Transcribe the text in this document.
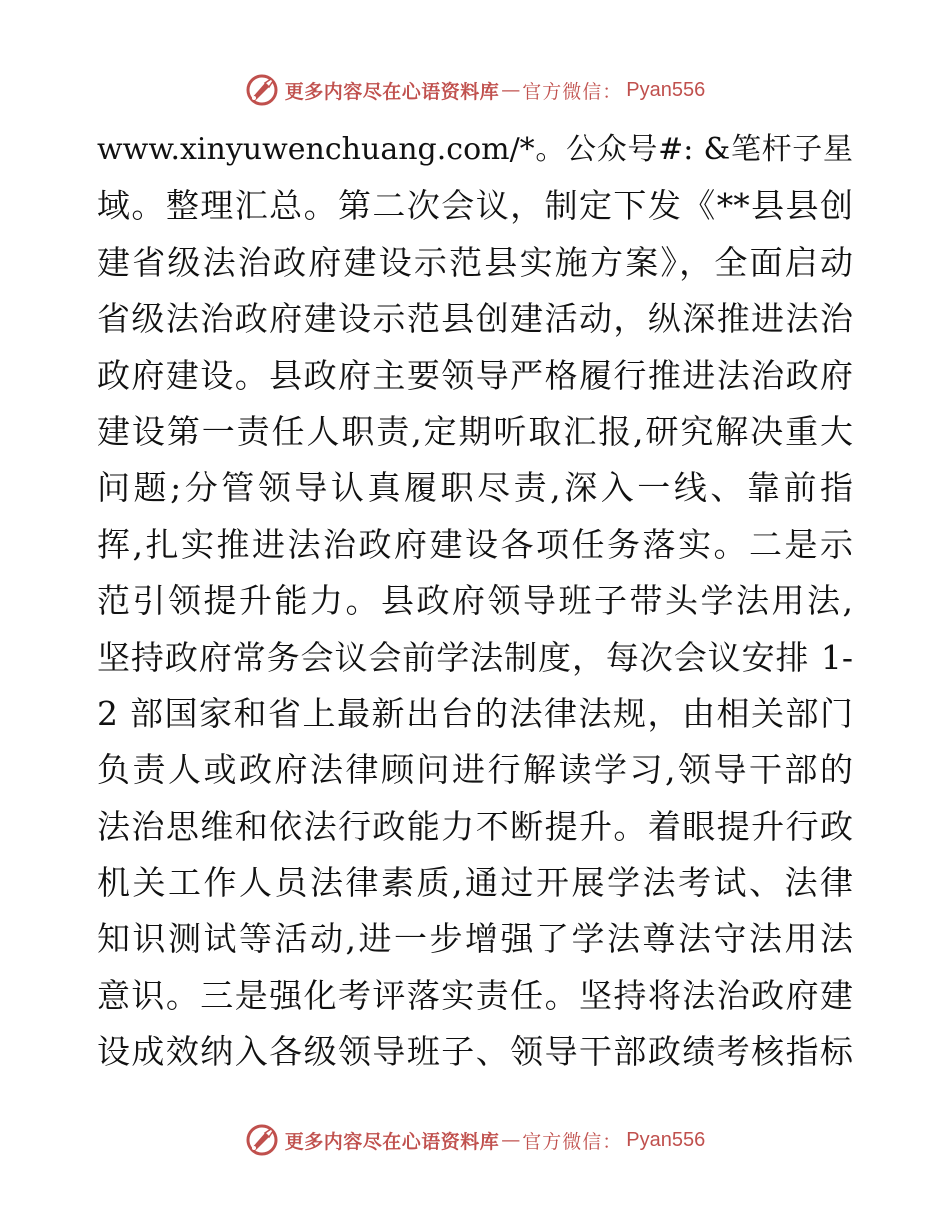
更多内容尽在心语资料库 — 官方微信： Pyan556
www.xinyuwenchuang.com/*。公众号#: &笔杆子星
域。整理汇总。第二次会议，制定下发《**县县创
建省级法治政府建设示范县实施方案》，全面启动
省级法治政府建设示范县创建活动，纵深推进法治
政府建设。县政府主要领导严格履行推进法治政府
建设第一责任人职责,定期听取汇报,研究解决重大
问题;分管领导认真履职尽责,深入一线、靠前指
挥,扎实推进法治政府建设各项任务落实。二是示
范引领提升能力。县政府领导班子带头学法用法,
坚持政府常务会议会前学法制度，每次会议安排 1-
2 部国家和省上最新出台的法律法规，由相关部门
负责人或政府法律顾问进行解读学习,领导干部的
法治思维和依法行政能力不断提升。着眼提升行政
机关工作人员法律素质,通过开展学法考试、法律
知识测试等活动,进一步增强了学法尊法守法用法
意识。三是强化考评落实责任。坚持将法治政府建
设成效纳入各级领导班子、领导干部政绩考核指标
更多内容尽在心语资料库 — 官方微信： Pyan556
